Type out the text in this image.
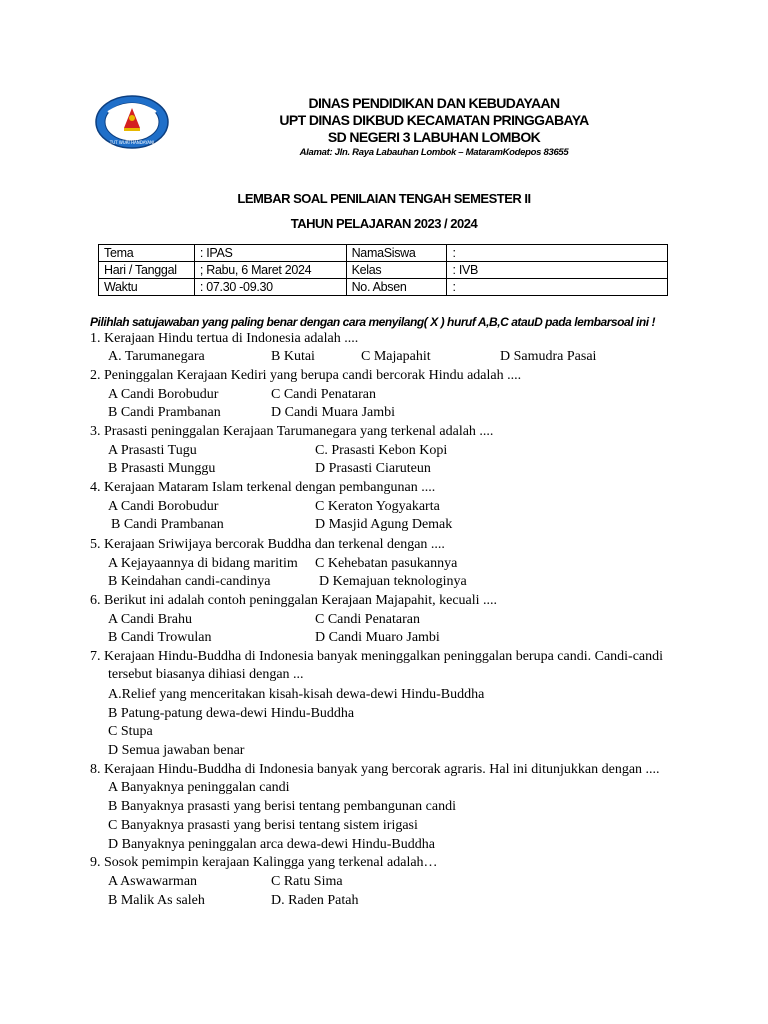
TUT WURI HANDAYANI
DINAS PENDIDIKAN DAN KEBUDAYAAN
UPT DINAS DIKBUD KECAMATAN PRINGGABAYA
SD NEGERI 3 LABUHAN LOMBOK
Alamat: Jln. Raya Labauhan Lombok – MataramKodepos 83655
LEMBAR SOAL PENILAIAN TENGAH SEMESTER II
TAHUN PELAJARAN 2023 / 2024
Tema	: IPAS	NamaSiswa	:
Hari / Tanggal	; Rabu, 6 Maret 2024	Kelas	: IVB
Waktu	: 07.30 -09.30	No. Absen	:
Pilihlah satujawaban yang paling benar dengan cara menyilang( X ) huruf A,B,C atauD pada lembarsoal ini !
1. Kerajaan Hindu tertua di Indonesia adalah ....
A. Tarumanegara	B Kutai	C Majapahit	D Samudra Pasai
2. Peninggalan Kerajaan Kediri yang berupa candi bercorak Hindu adalah ....
A Candi Borobudur	C Candi Penataran
B Candi Prambanan	D Candi Muara Jambi
3. Prasasti peninggalan Kerajaan Tarumanegara yang terkenal adalah ....
A Prasasti Tugu	C. Prasasti Kebon Kopi
B Prasasti Munggu	D Prasasti Ciaruteun
4. Kerajaan Mataram Islam terkenal dengan pembangunan ....
A Candi Borobudur	C Keraton Yogyakarta
B Candi Prambanan	D Masjid Agung Demak
5. Kerajaan Sriwijaya bercorak Buddha dan terkenal dengan ....
A Kejayaannya di bidang maritim C Kehebatan pasukannya
B Keindahan candi-candinya	D Kemajuan teknologinya
6. Berikut ini adalah contoh peninggalan Kerajaan Majapahit, kecuali ....
A Candi Brahu	C Candi Penataran
B Candi Trowulan	D Candi Muaro Jambi
7. Kerajaan Hindu-Buddha di Indonesia banyak meninggalkan peninggalan berupa candi. Candi-candi
tersebut biasanya dihiasi dengan ...
A.Relief yang menceritakan kisah-kisah dewa-dewi Hindu-Buddha
B Patung-patung dewa-dewi Hindu-Buddha
C Stupa
D Semua jawaban benar
8. Kerajaan Hindu-Buddha di Indonesia banyak yang bercorak agraris. Hal ini ditunjukkan dengan ....
A Banyaknya peninggalan candi
B Banyaknya prasasti yang berisi tentang pembangunan candi
C Banyaknya prasasti yang berisi tentang sistem irigasi
D Banyaknya peninggalan arca dewa-dewi Hindu-Buddha
9. Sosok pemimpin kerajaan Kalingga yang terkenal adalah…
A Aswawarman	C Ratu Sima
B Malik As saleh	D. Raden Patah
